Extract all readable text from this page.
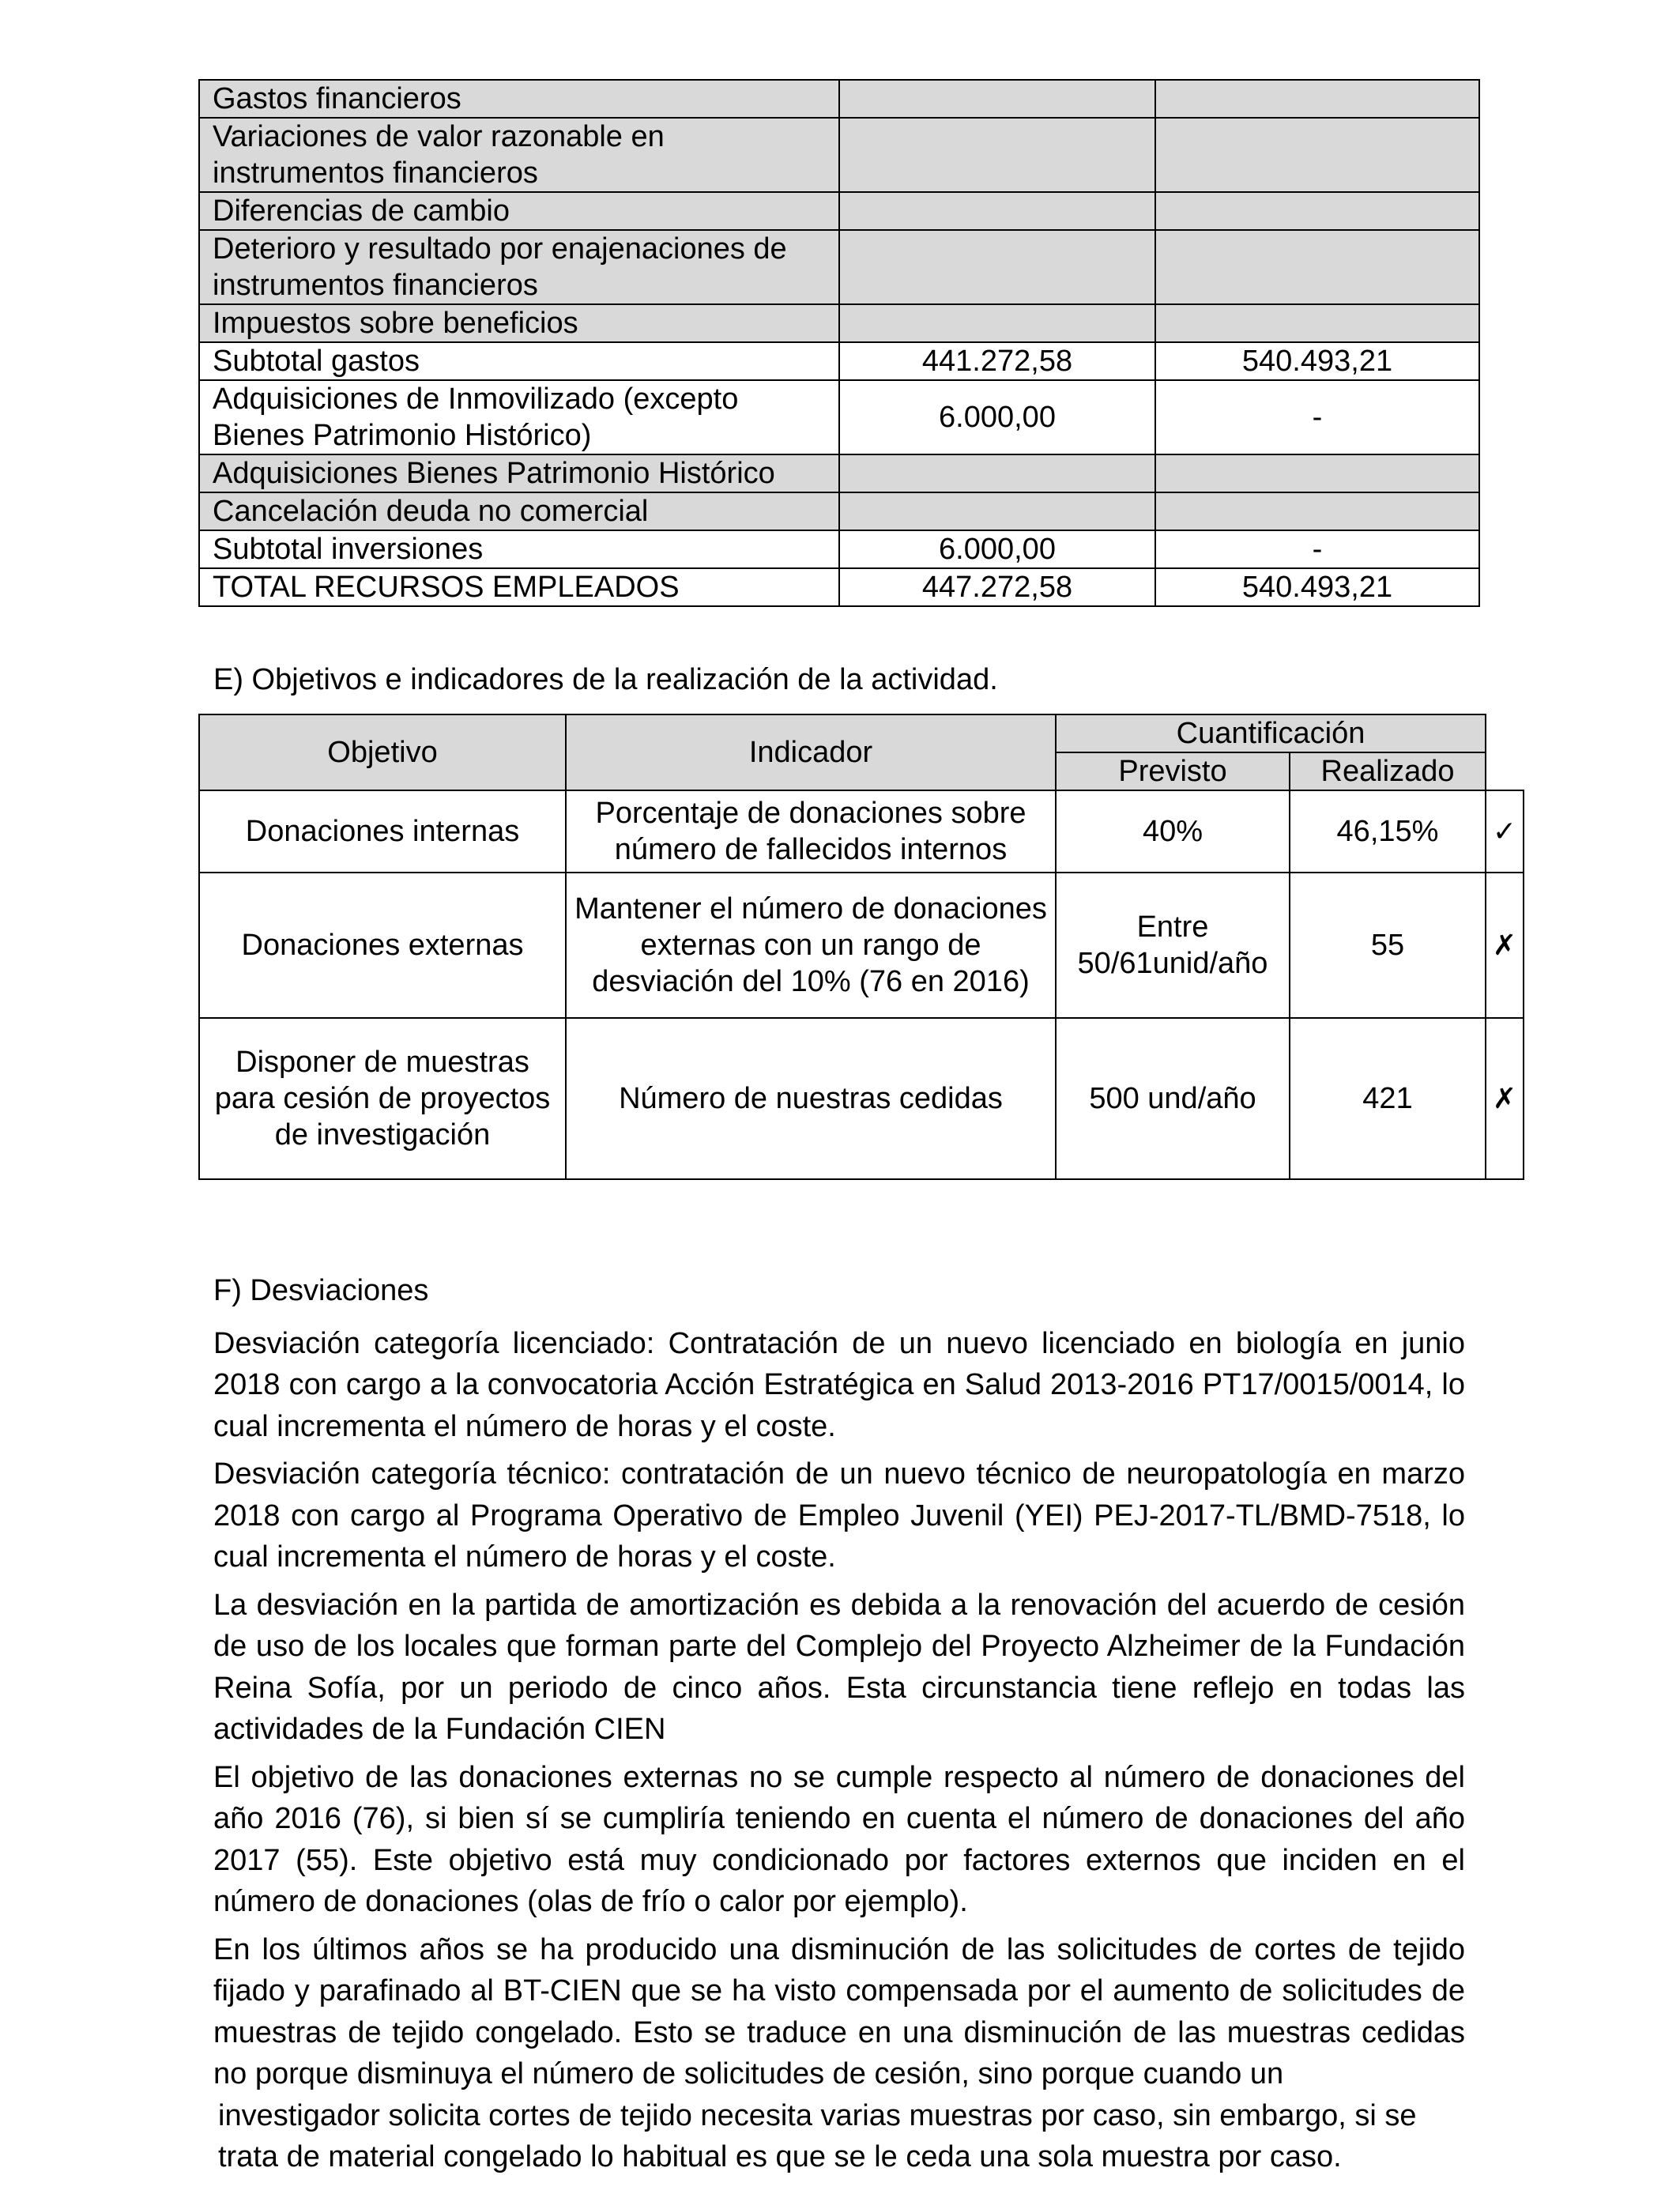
Gastos financieros		
Variaciones de valor razonable en instrumentos financieros		
Diferencias de cambio		
Deterioro y resultado por enajenaciones de instrumentos financieros		
Impuestos sobre beneficios		
Subtotal gastos	441.272,58	540.493,21
Adquisiciones de Inmovilizado (excepto Bienes Patrimonio Histórico)	6.000,00	-
Adquisiciones Bienes Patrimonio Histórico		
Cancelación deuda no comercial		
Subtotal inversiones	6.000,00	-
TOTAL RECURSOS EMPLEADOS	447.272,58	540.493,21
E) Objetivos e indicadores de la realización de la actividad.
Objetivo	Indicador	Cuantificación		
		Previsto	Realizado	
Donaciones internas	Porcentaje de donaciones sobre número de fallecidos internos	40%	46,15%	✓
Donaciones externas	Mantener el número de donaciones externas con un rango de desviación del 10% (76 en 2016)	Entre 50/61unid/año	55	✗
Disponer de muestras para cesión de proyectos de investigación	Número de nuestras cedidas	500 und/año	421	✗

F) Desviaciones

Desviación categoría licenciado: Contratación de un nuevo licenciado en biología en junio 2018 con cargo a la convocatoria Acción Estratégica en Salud 2013-2016 PT17/0015/0014, lo cual incrementa el número de horas y el coste.

Desviación categoría técnico: contratación de un nuevo técnico de neuropatología en marzo 2018 con cargo al Programa Operativo de Empleo Juvenil (YEI) PEJ-2017-TL/BMD-7518, lo cual incrementa el número de horas y el coste.

La desviación en la partida de amortización es debida a la renovación del acuerdo de cesión de uso de los locales que forman parte del Complejo del Proyecto Alzheimer de la Fundación Reina Sofía, por un periodo de cinco años. Esta circunstancia tiene reflejo en todas las actividades de la Fundación CIEN

El objetivo de las donaciones externas no se cumple respecto al número de donaciones del año 2016 (76), si bien sí se cumpliría teniendo en cuenta el número de donaciones del año 2017 (55). Este objetivo está muy condicionado por factores externos que inciden en el número de donaciones (olas de frío o calor por ejemplo).

En los últimos años se ha producido una disminución de las solicitudes de cortes de tejido fijado y parafinado al BT-CIEN que se ha visto compensada por el aumento de solicitudes de muestras de tejido congelado. Esto se traduce en una disminución de las muestras cedidas no porque disminuya el número de solicitudes de cesión, sino porque cuando un
investigador solicita cortes de tejido necesita varias muestras por caso, sin embargo, si se
trata de material congelado lo habitual es que se le ceda una sola muestra por caso.
